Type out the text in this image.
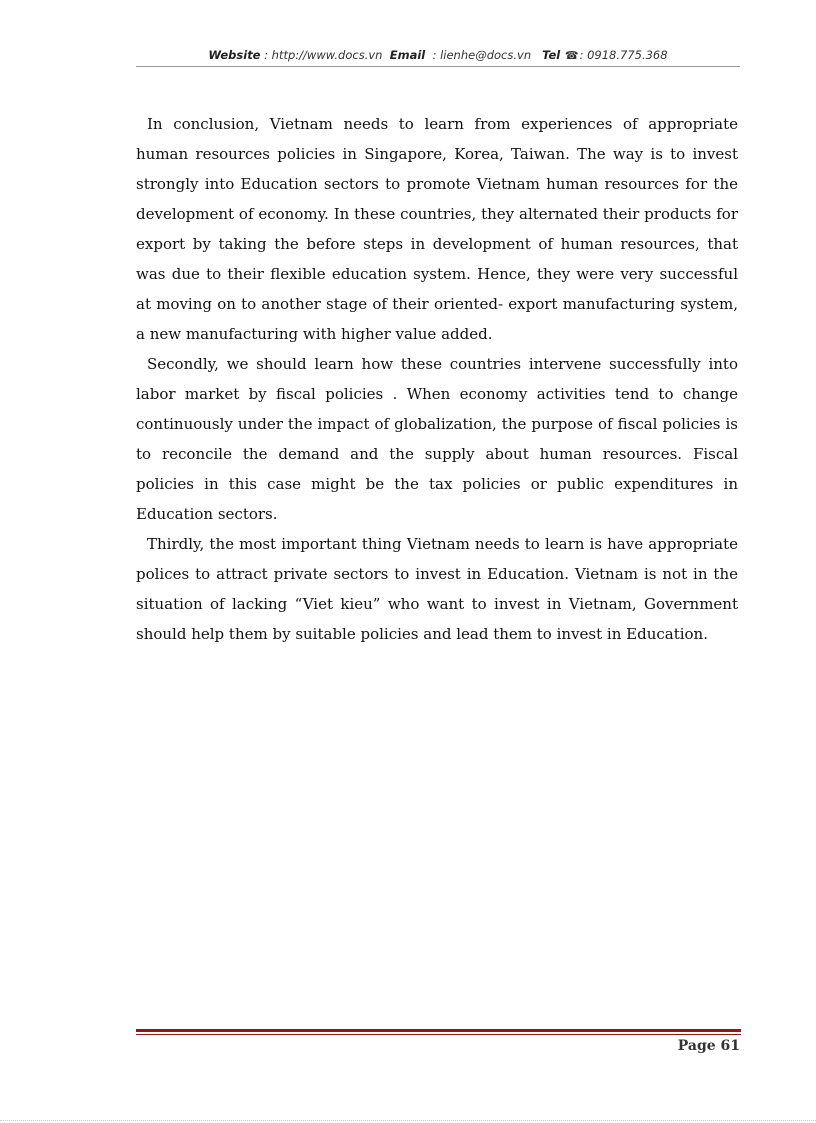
Website : http://www.docs.vn Email : lienhe@docs.vn Tel ☎: 0918.775.368

In conclusion, Vietnam needs to learn from experiences of appropriate human resources policies in Singapore, Korea, Taiwan. The way is to invest strongly into Education sectors to promote Vietnam human resources for the development of economy. In these countries, they alternated their products for export by taking the before steps in development of human resources, that was due to their flexible education system. Hence, they were very successful at moving on to another stage of their oriented- export manufacturing system, a new manufacturing with higher value added.

Secondly, we should learn how these countries intervene successfully into labor market by fiscal policies . When economy activities tend to change continuously under the impact of globalization, the purpose of fiscal policies is to reconcile the demand and the supply about human resources. Fiscal policies in this case might be the tax policies or public expenditures in Education sectors.

Thirdly, the most important thing Vietnam needs to learn is have appropriate polices to attract private sectors to invest in Education. Vietnam is not in the situation of lacking “Viet kieu” who want to invest in Vietnam, Government should help them by suitable policies and lead them to invest in Education.

Page 61
